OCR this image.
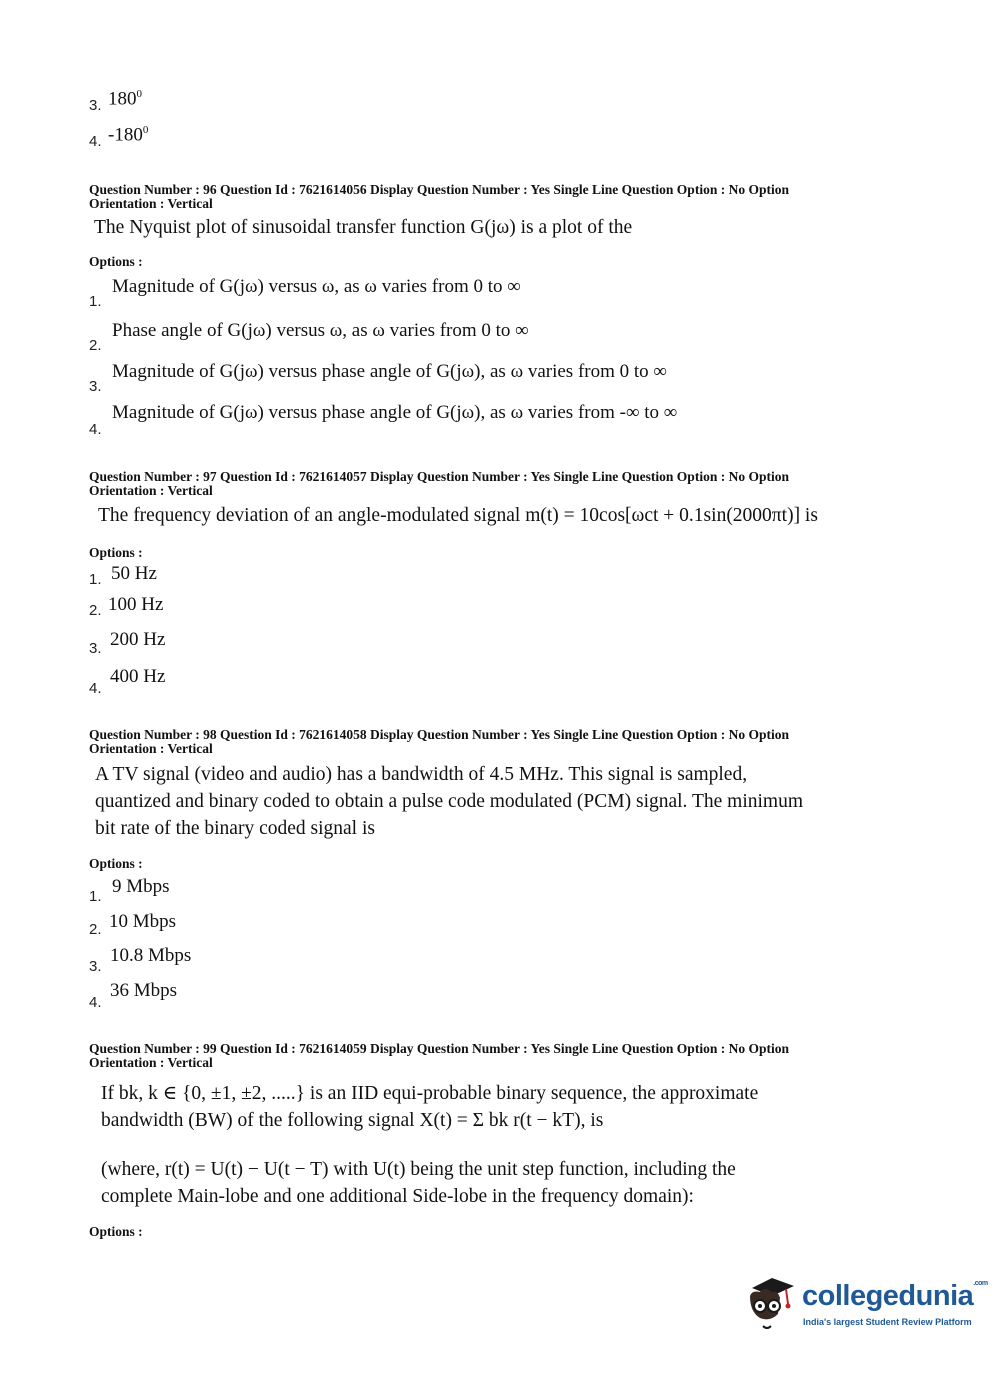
3. $180^0$
4. $-180^0$
Question Number : 96 Question Id : 7621614056 Display Question Number : Yes Single Line Question Option : No Option
Orientation : Vertical
The Nyquist plot of sinusoidal transfer function G(jω) is a plot of the
Options :
1.
Magnitude of G(jω) versus ω, as ω varies from 0 to ∞
2.
Phase angle of G(jω) versus ω, as ω varies from 0 to ∞
3.
Magnitude of G(jω) versus phase angle of G(jω), as ω varies from 0 to ∞
4.
Magnitude of G(jω) versus phase angle of G(jω), as ω varies from -∞ to ∞
Question Number : 97 Question Id : 7621614057 Display Question Number : Yes Single Line Question Option : No Option
Orientation : Vertical
The frequency deviation of an angle-modulated signal m(t) = 10cos[ωct + 0.1sin(2000πt)] is
Options :
1. 50 Hz
2. 100 Hz
3. 200 Hz
4.
400 Hz
Question Number : 98 Question Id : 7621614058 Display Question Number : Yes Single Line Question Option : No Option
Orientation : Vertical
A TV signal (video and audio) has a bandwidth of 4.5 MHz. This signal is sampled,
quantized and binary coded to obtain a pulse code modulated (PCM) signal. The minimum
bit rate of the binary coded signal is
Options :
1. 9 Mbps
2. 10 Mbps
3.
10.8 Mbps
4.
36 Mbps
Question Number : 99 Question Id : 7621614059 Display Question Number : Yes Single Line Question Option : No Option
Orientation : Vertical
If bk, k ∈ {0, ±1, ±2, .....} is an IID equi-probable binary sequence, the approximate
bandwidth (BW) of the following signal X(t) = Σ bk r(t − kT), is
(where, r(t) = U(t) − U(t − T) with U(t) being the unit step function, including the
complete Main-lobe and one additional Side-lobe in the frequency domain):
Options :
collegedunia$^{.com}$
India's largest Student Review Platform
